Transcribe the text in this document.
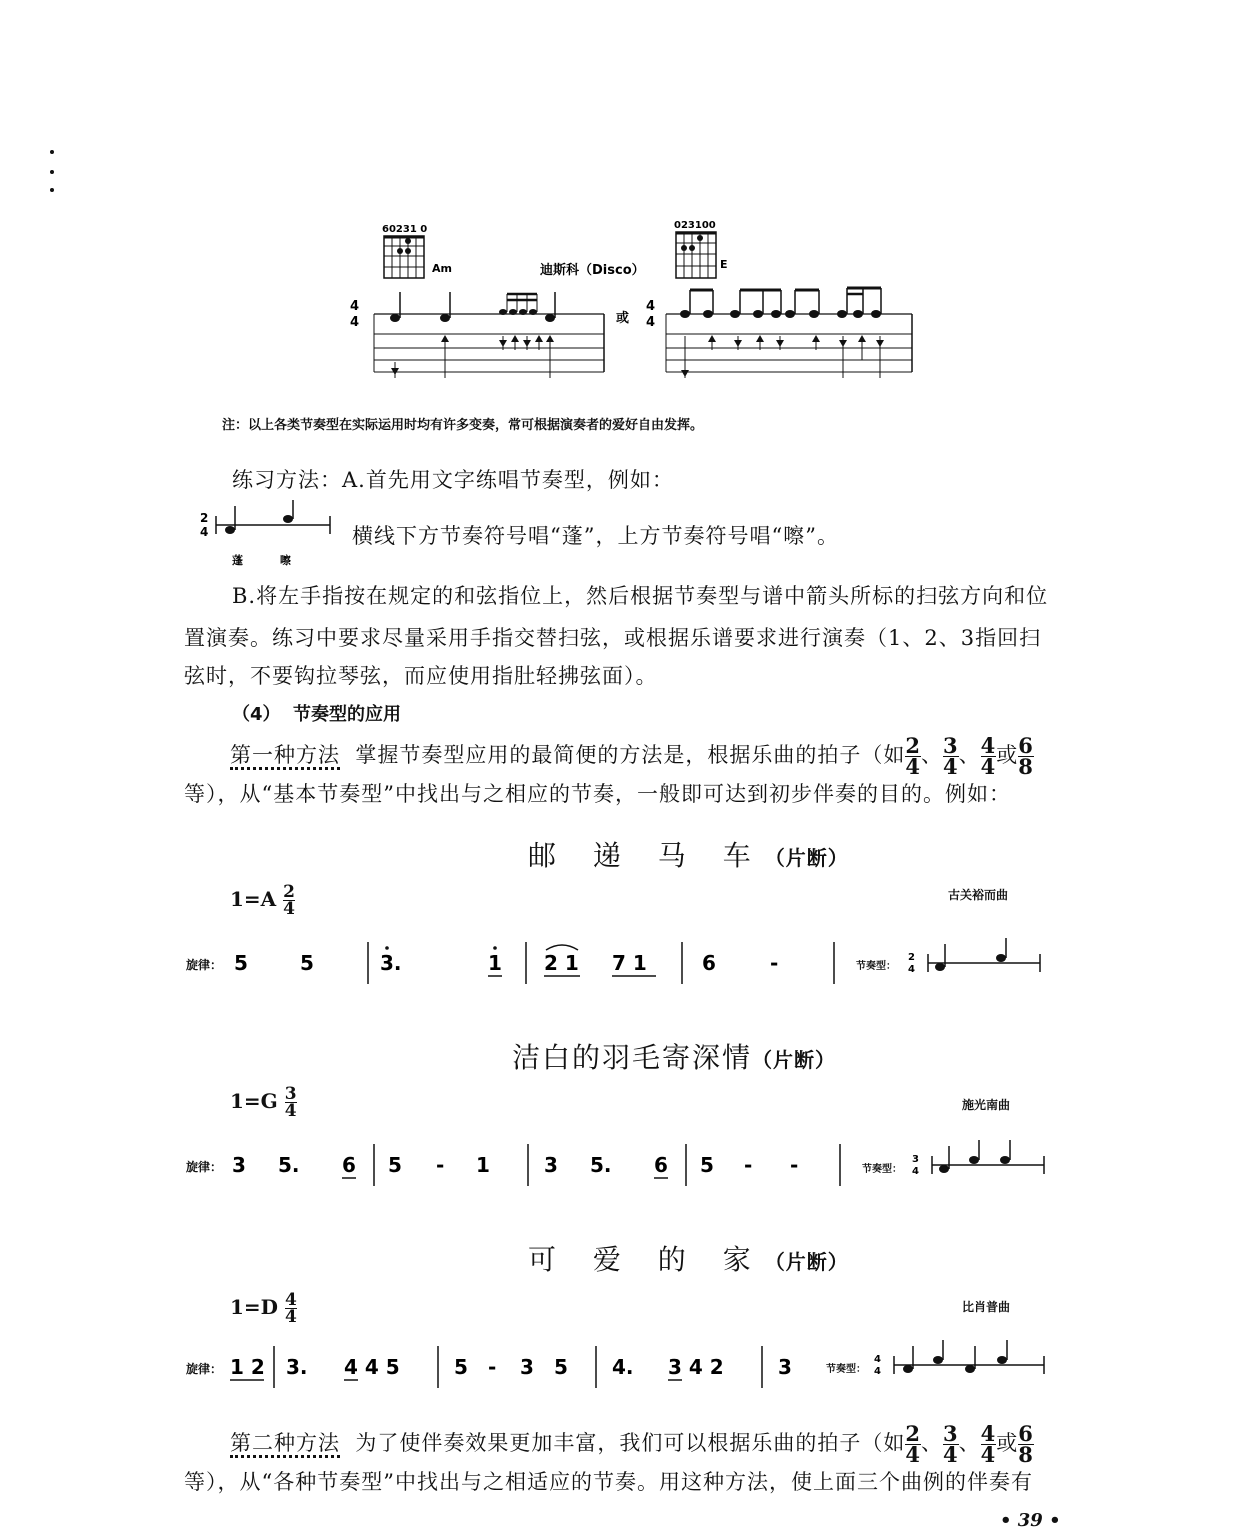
60231 0
Am	迪斯科（Disco）
023100
E
4
4	或
4
4
注：以上各类节奏型在实际运用时均有许多变奏，常可根据演奏者的爱好自由发挥。
练习方法：A.首先用文字练唱节奏型，例如：
2
4
蓬	嚓
横线下方节奏符号唱“蓬”，上方节奏符号唱“嚓”。
B.将左手指按在规定的和弦指位上，然后根据节奏型与谱中箭头所标的扫弦方向和位
置演奏。练习中要求尽量采用手指交替扫弦，或根据乐谱要求进行演奏（1、2、3指回扫
弦时，不要钩拉琴弦，而应使用指肚轻拂弦面）。
（4）  节奏型的应用
第一种方法 掌握节奏型应用的最简便的方法是，根据乐曲的拍子（如 $\frac{2}{4}$ 、 $\frac{3}{4}$ 、 $\frac{4}{4}$ 或 $\frac{6}{8}$
等），从“基本节奏型”中找出与之相应的节奏，一般即可达到初步伴奏的目的。例如：
邮 递 马 车（片断）
$1=A \frac{2}{4}$	古关裕而曲
旋律： 5	5	3.	1 2 1 7 1	6	-	节奏型：
2
4
洁白的羽毛寄深情（片断）
$1=G \frac{3}{4}$	施光南曲
旋律： 3 5. 6 5 - 1	3 5. 6 5 - -	节奏型：
3
4
可 爱 的 家（片断）
$1=D \frac{4}{4}$	比肖普曲
旋律： 1 2 3. 4 4 5	5 - 3 5 4. 3 4 2	3	节奏型：
4
4
第二种方法 为了使伴奏效果更加丰富，我们可以根据乐曲的拍子（如 $\frac{2}{4}$ 、 $\frac{3}{4}$ 、 $\frac{4}{4}$ 或 $\frac{6}{8}$
等），从“各种节奏型”中找出与之相适应的节奏。用这种方法，使上面三个曲例的伴奏有
• 39 •
